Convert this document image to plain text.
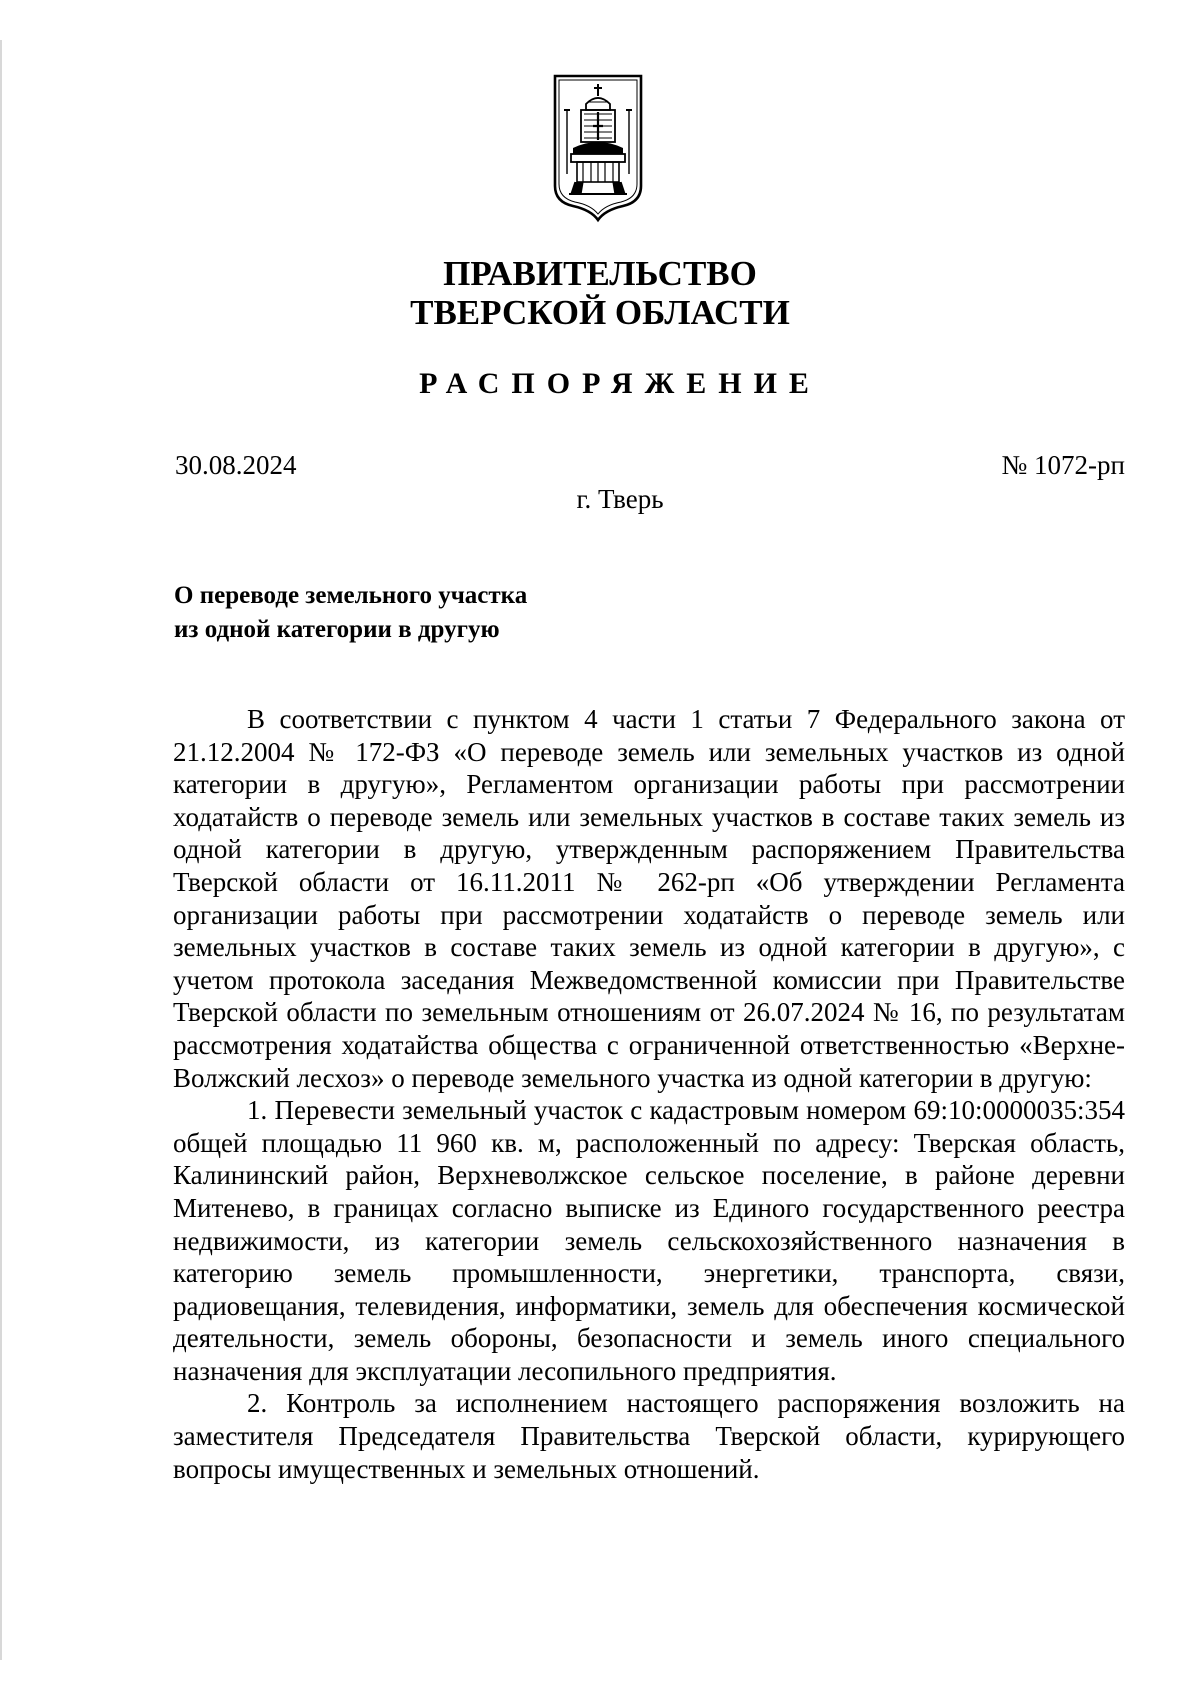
ПРАВИТЕЛЬСТВО
ТВЕРСКОЙ ОБЛАСТИ
РАСПОРЯЖЕНИЕ
30.08.2024	№ 1072-рп
г. Тверь
О переводе земельного участка
из одной категории в другую

В соответствии с пунктом 4 части 1 статьи 7 Федерального закона от 21.12.2004 № 172-ФЗ «О переводе земель или земельных участков из одной категории в другую», Регламентом организации работы при рассмотрении ходатайств о переводе земель или земельных участков в составе таких земель из одной категории в другую, утвержденным распоряжением Правительства Тверской области от 16.11.2011 № 262-рп «Об утверждении Регламента организации работы при рассмотрении ходатайств о переводе земель или земельных участков в составе таких земель из одной категории в другую», с учетом протокола заседания Межведомственной комиссии при Правительстве Тверской области по земельным отношениям от 26.07.2024 № 16, по результатам рассмотрения ходатайства общества с ограниченной ответственностью «Верхне-Волжский лесхоз» о переводе земельного участка из одной категории в другую:

1. Перевести земельный участок с кадастровым номером 69:10:0000035:354 общей площадью 11 960 кв. м, расположенный по адресу: Тверская область, Калининский район, Верхневолжское сельское поселение, в районе деревни Митенево, в границах согласно выписке из Единого государственного реестра недвижимости, из категории земель сельскохозяйственного назначения в категорию земель промышленности, энергетики, транспорта, связи, радиовещания, телевидения, информатики, земель для обеспечения космической деятельности, земель обороны, безопасности и земель иного специального назначения для эксплуатации лесопильного предприятия.

2. Контроль за исполнением настоящего распоряжения возложить на заместителя Председателя Правительства Тверской области, курирующего вопросы имущественных и земельных отношений.
